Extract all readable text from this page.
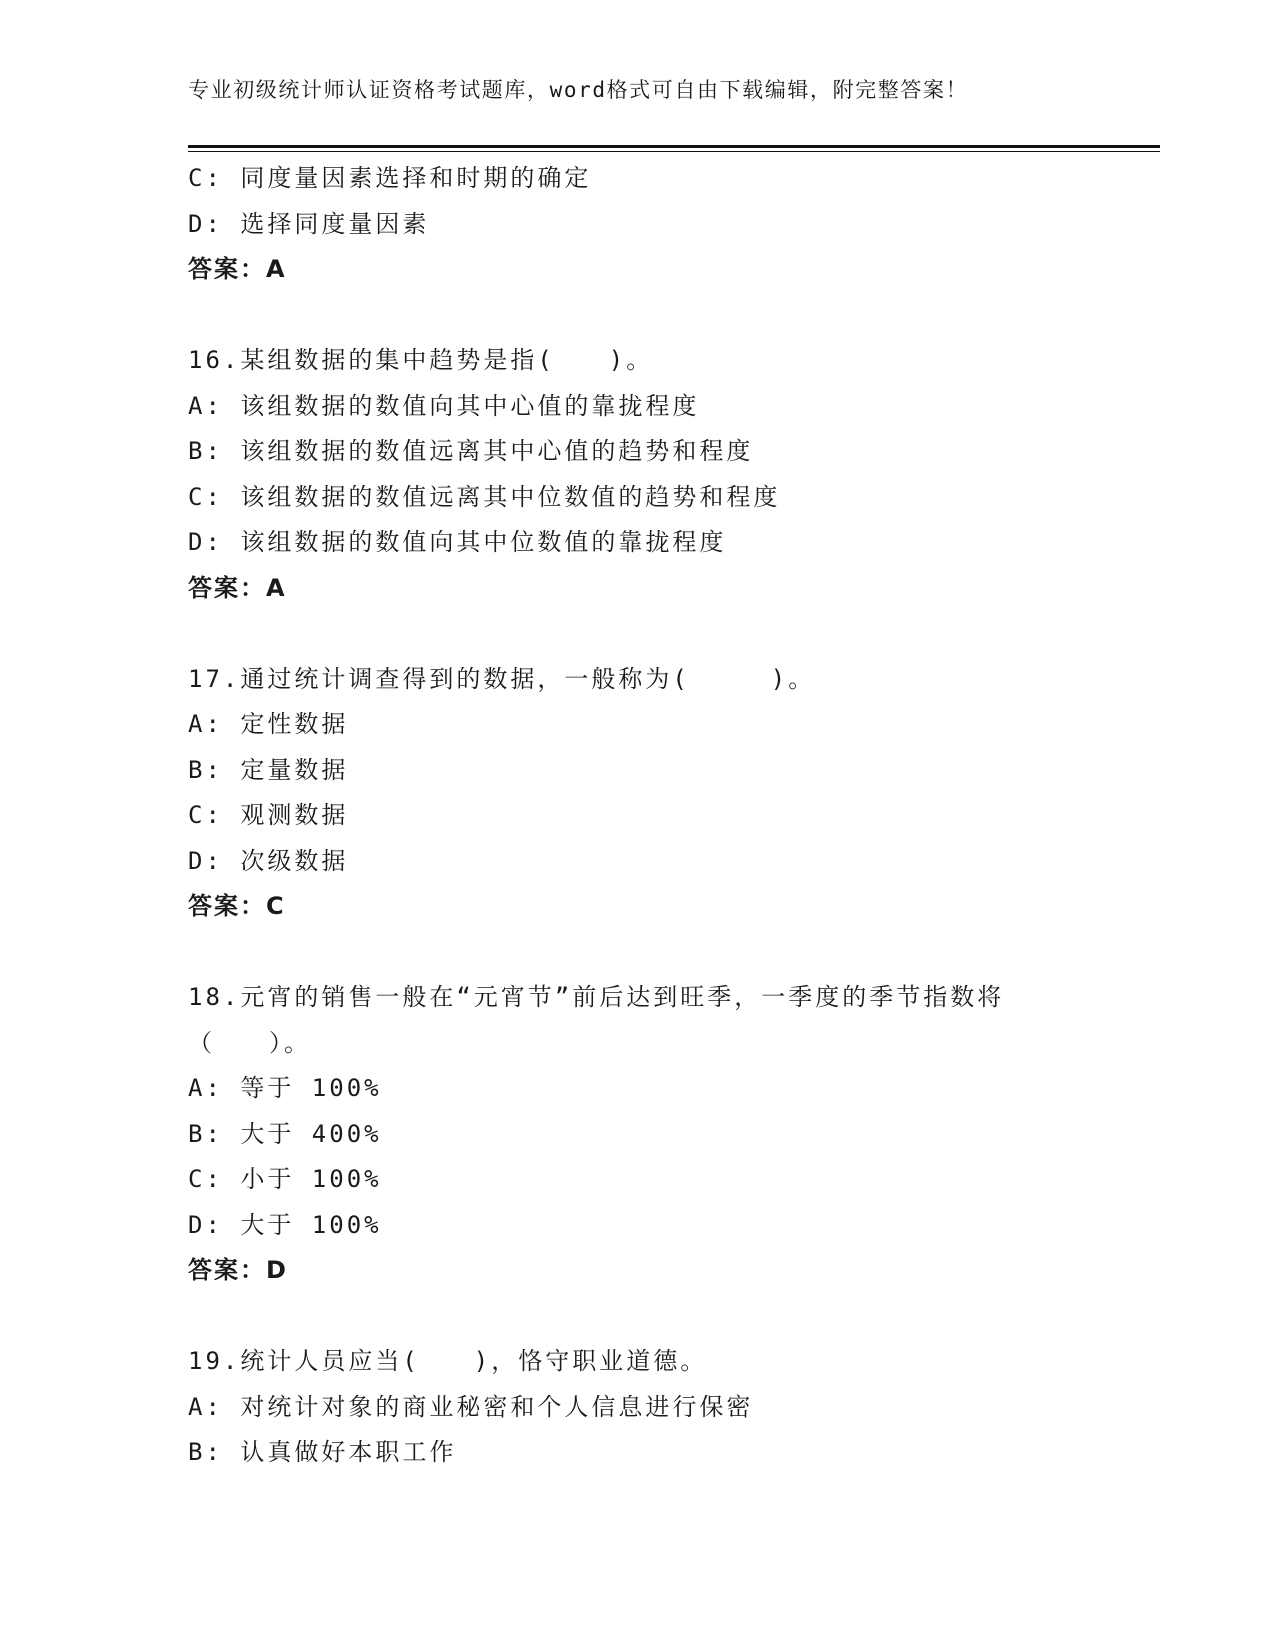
专业初级统计师认证资格考试题库，word格式可自由下载编辑，附完整答案！
C: 同度量因素选择和时期的确定
D: 选择同度量因素
答案：A
16.某组数据的集中趋势是指(　　)。
A: 该组数据的数值向其中心值的靠拢程度
B: 该组数据的数值远离其中心值的趋势和程度
C: 该组数据的数值远离其中位数值的趋势和程度
D: 该组数据的数值向其中位数值的靠拢程度
答案：A
17.通过统计调查得到的数据，一般称为(　　　)。
A: 定性数据
B: 定量数据
C: 观测数据
D: 次级数据
答案：C
18.元宵的销售一般在“元宵节”前后达到旺季，一季度的季节指数将
（　　）。
A: 等于 100%
B: 大于 400%
C: 小于 100%
D: 大于 100%
答案：D
19.统计人员应当(　　)，恪守职业道德。
A: 对统计对象的商业秘密和个人信息进行保密
B: 认真做好本职工作
